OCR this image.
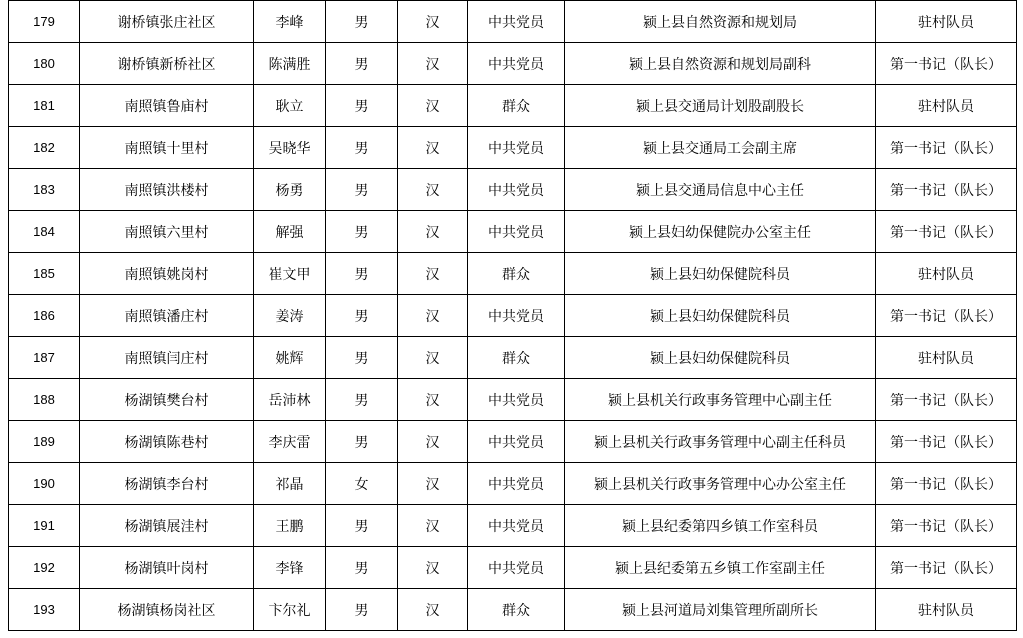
179	谢桥镇张庄社区	李峰	男	汉	中共党员	颍上县自然资源和规划局	驻村队员
180	谢桥镇新桥社区	陈满胜	男	汉	中共党员	颍上县自然资源和规划局副科	第一书记（队长）
181	南照镇鲁庙村	耿立	男	汉	群众	颍上县交通局计划股副股长	驻村队员
182	南照镇十里村	吴晓华	男	汉	中共党员	颍上县交通局工会副主席	第一书记（队长）
183	南照镇洪楼村	杨勇	男	汉	中共党员	颍上县交通局信息中心主任	第一书记（队长）
184	南照镇六里村	解强	男	汉	中共党员	颍上县妇幼保健院办公室主任	第一书记（队长）
185	南照镇姚岗村	崔文甲	男	汉	群众	颍上县妇幼保健院科员	驻村队员
186	南照镇潘庄村	姜涛	男	汉	中共党员	颍上县妇幼保健院科员	第一书记（队长）
187	南照镇闫庄村	姚辉	男	汉	群众	颍上县妇幼保健院科员	驻村队员
188	杨湖镇樊台村	岳沛林	男	汉	中共党员	颍上县机关行政事务管理中心副主任	第一书记（队长）
189	杨湖镇陈巷村	李庆雷	男	汉	中共党员	颍上县机关行政事务管理中心副主任科员	第一书记（队长）
190	杨湖镇李台村	祁晶	女	汉	中共党员	颍上县机关行政事务管理中心办公室主任	第一书记（队长）
191	杨湖镇展洼村	王鹏	男	汉	中共党员	颍上县纪委第四乡镇工作室科员	第一书记（队长）
192	杨湖镇叶岗村	李锋	男	汉	中共党员	颍上县纪委第五乡镇工作室副主任	第一书记（队长）
193	杨湖镇杨岗社区	卞尔礼	男	汉	群众	颍上县河道局刘集管理所副所长	驻村队员
